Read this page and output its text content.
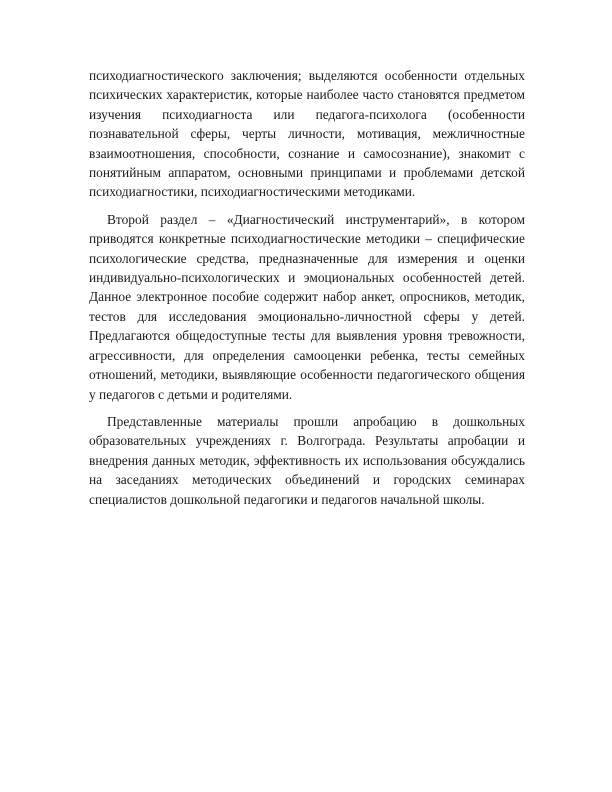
психодиагностического заключения; выделяются особенности отдельных психических характеристик, которые наиболее часто становятся предметом изучения психодиагноста или педагога-психолога (особенности познавательной сферы, черты личности, мотивация, межличностные взаимоотношения, способности, сознание и самосознание), знакомит с понятийным аппаратом, основными принципами и проблемами детской психодиагностики, психодиагностическими методиками.

Второй раздел – «Диагностический инструментарий», в котором приводятся конкретные психодиагностические методики – специфические психологические средства, предназначенные для измерения и оценки индивидуально-психологических и эмоциональных особенностей детей. Данное электронное пособие содержит набор анкет, опросников, методик, тестов для исследования эмоционально-личностной сферы у детей. Предлагаются общедоступные тесты для выявления уровня тревожности, агрессивности, для определения самооценки ребенка, тесты семейных отношений, методики, выявляющие особенности педагогического общения у педагогов с детьми и родителями.

Представленные материалы прошли апробацию в дошкольных образовательных учреждениях г. Волгограда. Результаты апробации и внедрения данных методик, эффективность их использования обсуждались на заседаниях методических объединений и городских семинарах специалистов дошкольной педагогики и педагогов начальной школы.
